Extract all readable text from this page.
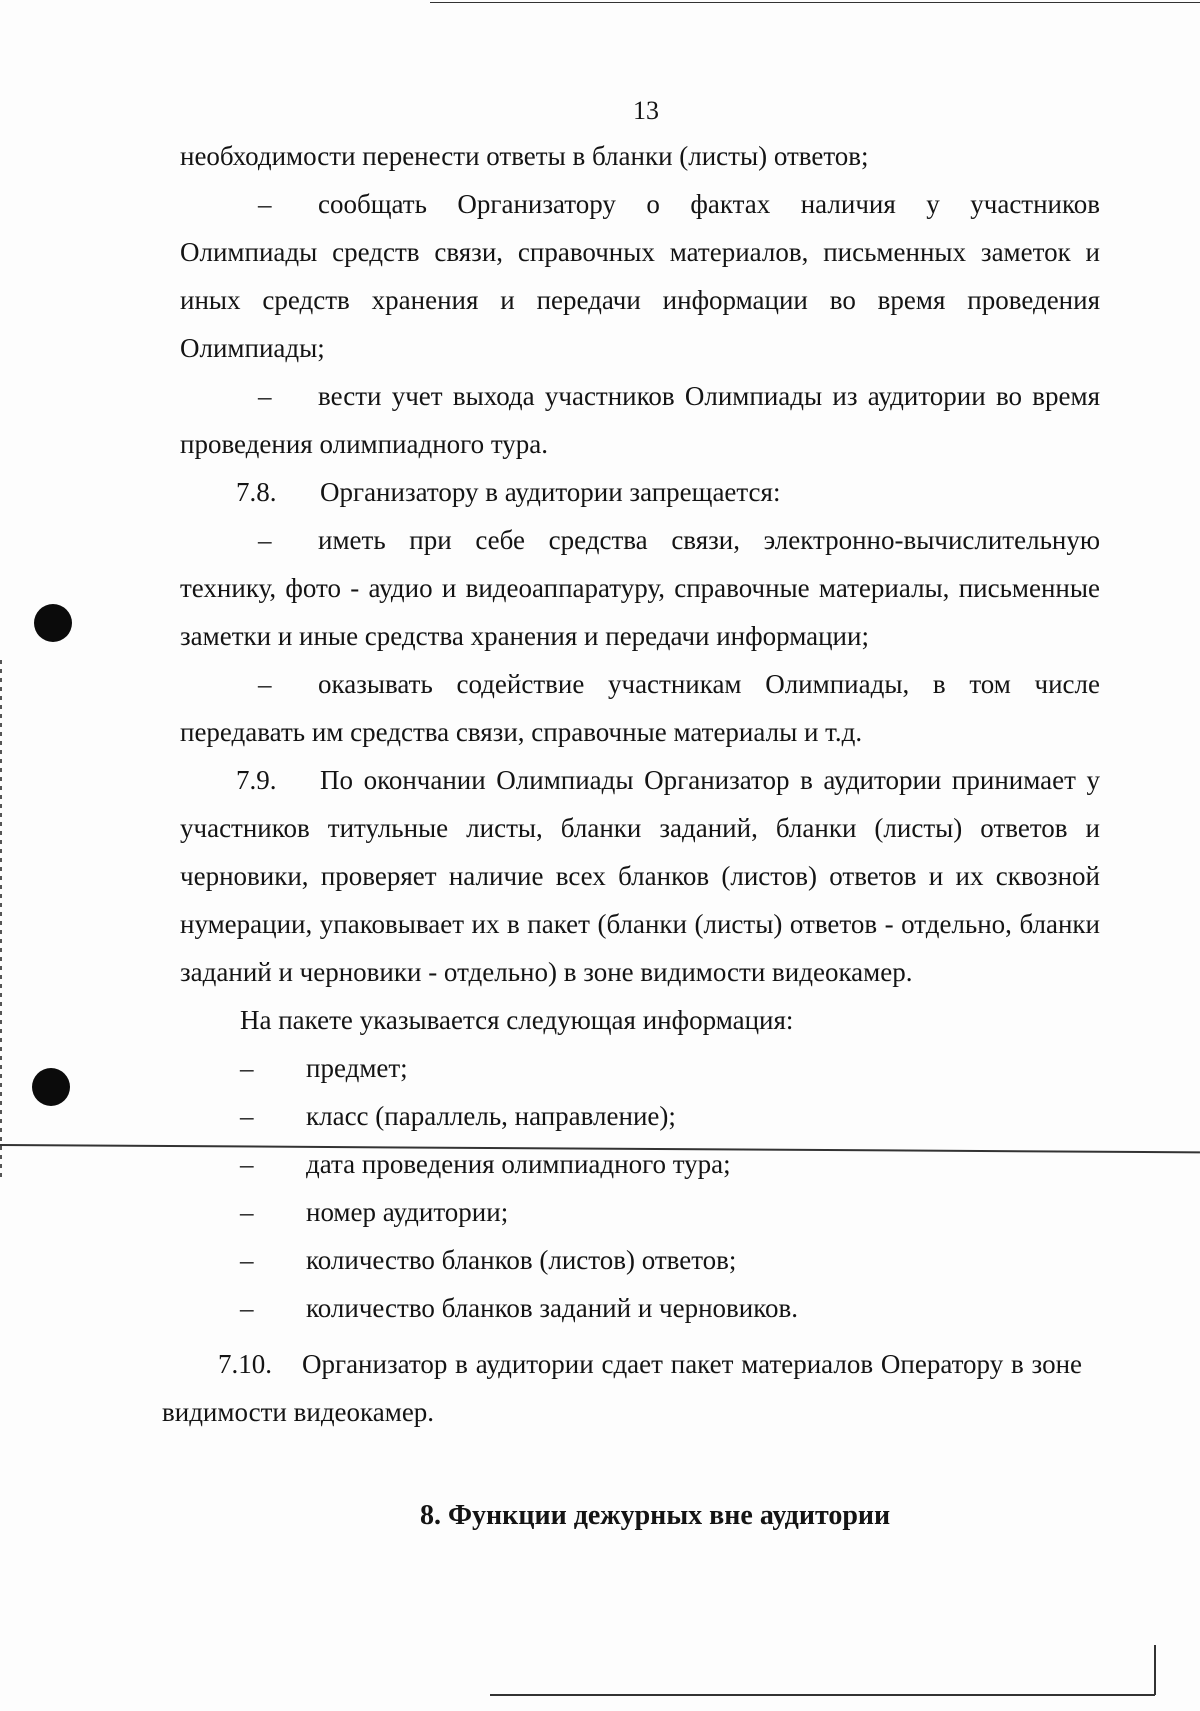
13

необходимости перенести ответы в бланки (листы) ответов;

– сообщать Организатору о фактах наличия у участников Олимпиады средств связи, справочных материалов, письменных заметок и иных средств хранения и передачи информации во время проведения Олимпиады;

– вести учет выхода участников Олимпиады из аудитории во время проведения олимпиадного тура.

7.8. Организатору в аудитории запрещается:

– иметь при себе средства связи, электронно-вычислительную технику, фото - аудио и видеоаппаратуру, справочные материалы, письменные заметки и иные средства хранения и передачи информации;

– оказывать содействие участникам Олимпиады, в том числе передавать им средства связи, справочные материалы и т.д.

7.9. По окончании Олимпиады Организатор в аудитории принимает у участников титульные листы, бланки заданий, бланки (листы) ответов и черновики, проверяет наличие всех бланков (листов) ответов и их сквозной нумерации, упаковывает их в пакет (бланки (листы) ответов - отдельно, бланки заданий и черновики - отдельно) в зоне видимости видеокамер.

На пакете указывается следующая информация:

– предмет;

– класс (параллель, направление);

– дата проведения олимпиадного тура;

– номер аудитории;

– количество бланков (листов) ответов;

– количество бланков заданий и черновиков.

7.10. Организатор в аудитории сдает пакет материалов Оператору в зоне видимости видеокамер.

8. Функции дежурных вне аудитории
